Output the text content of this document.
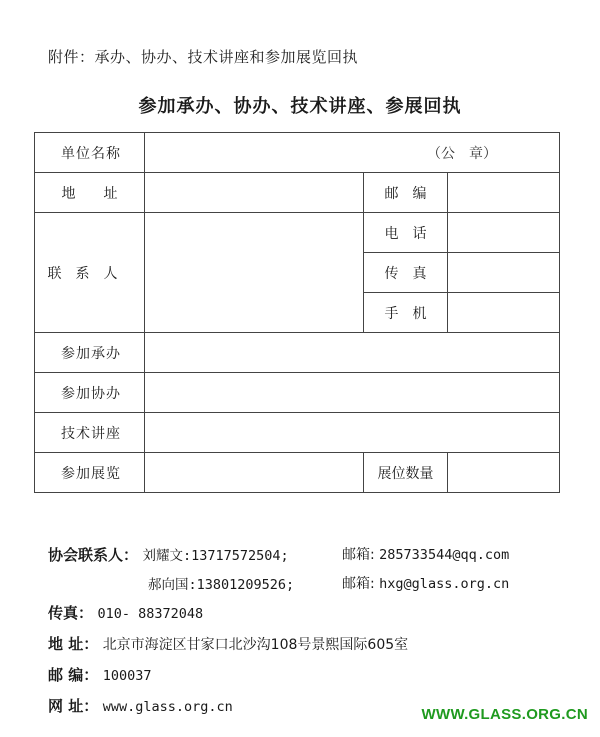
附件：承办、协办、技术讲座和参加展览回执
参加承办、协办、技术讲座、参展回执
单位名称	（公　章）		
地　　址		邮　编	
联系人		电　话	
		传　真	
		手　机	
参加承办			
参加协办			
技术讲座			
参加展览		展位数量	
协会联系人： 刘耀文:13717572504;	邮箱: 285733544@qq.com
郝向国:13801209526;	邮箱: hxg@glass.org.cn
传真： 010- 88372048
地 址： 北京市海淀区甘家口北沙沟108号景熙国际605室
邮 编： 100037
网 址： www.glass.org.cn	WWW.GLASS.ORG.CN
